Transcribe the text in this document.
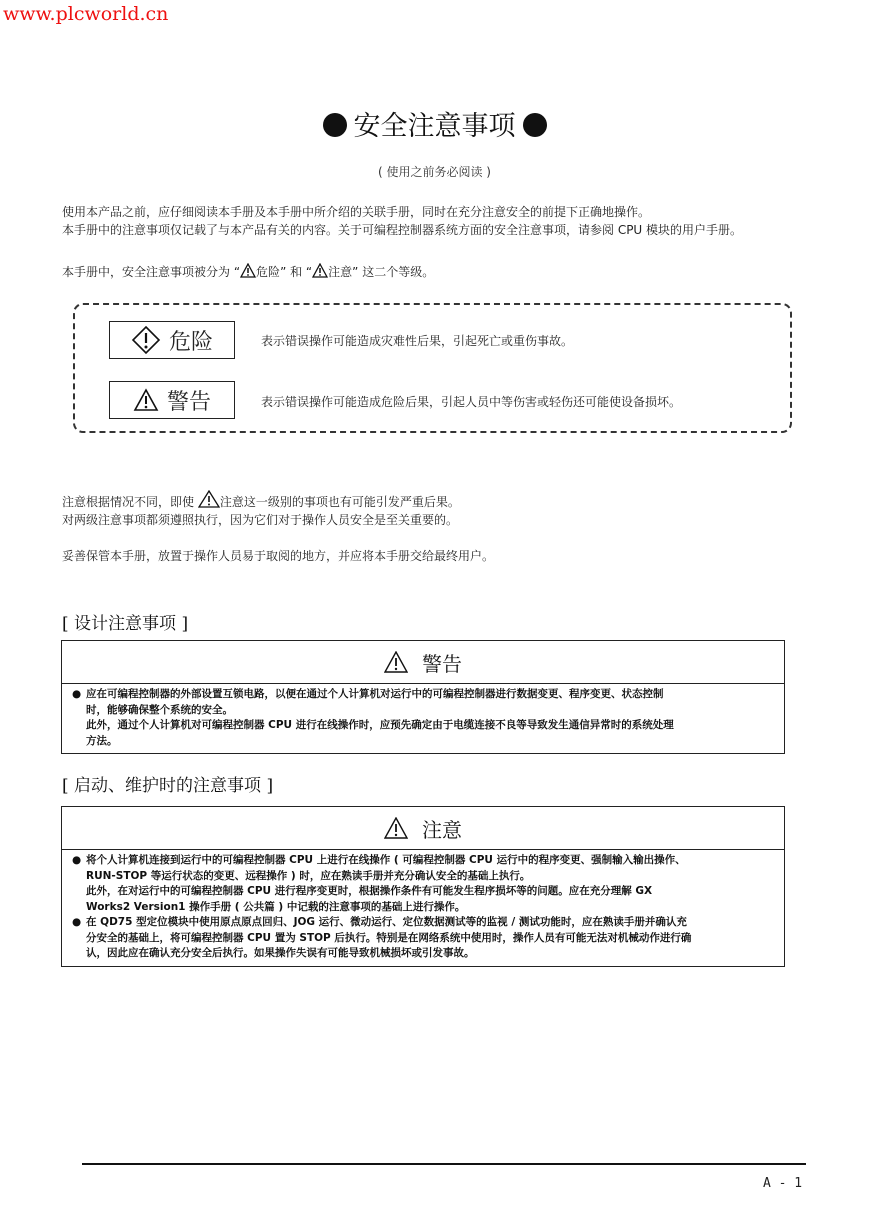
www.plcworld.cn
安全注意事项
( 使用之前务必阅读 )
使用本产品之前，应仔细阅读本手册及本手册中所介绍的关联手册，同时在充分注意安全的前提下正确地操作。
本手册中的注意事项仅记载了与本产品有关的内容。关于可编程控制器系统方面的安全注意事项，请参阅 CPU 模块的用户手册。
本手册中，安全注意事项被分为 “ 危险” 和 “ 注意” 这二个等级。
危险	表示错误操作可能造成灾难性后果，引起死亡或重伤事故。
警告	表示错误操作可能造成危险后果，引起人员中等伤害或轻伤还可能使设备损坏。
注意根据情况不同，即使 注意这一级别的事项也有可能引发严重后果。
对两级注意事项都须遵照执行，因为它们对于操作人员安全是至关重要的。
妥善保管本手册，放置于操作人员易于取阅的地方，并应将本手册交给最终用户。
[ 设计注意事项 ]
警告
● 应在可编程控制器的外部设置互锁电路，以便在通过个人计算机对运行中的可编程控制器进行数据变更、程序变更、状态控制
时，能够确保整个系统的安全。
此外，通过个人计算机对可编程控制器 CPU 进行在线操作时，应预先确定由于电缆连接不良等导致发生通信异常时的系统处理
方法。
[ 启动、维护时的注意事项 ]
注意
● 将个人计算机连接到运行中的可编程控制器 CPU 上进行在线操作 ( 可编程控制器 CPU 运行中的程序变更、强制输入输出操作、
RUN-STOP 等运行状态的变更、远程操作 ) 时，应在熟读手册并充分确认安全的基础上执行。
此外，在对运行中的可编程控制器 CPU 进行程序变更时，根据操作条件有可能发生程序损坏等的问题。应在充分理解 GX
Works2 Version1 操作手册 ( 公共篇 ) 中记载的注意事项的基础上进行操作。
● 在 QD75 型定位模块中使用原点原点回归、JOG 运行、微动运行、定位数据测试等的监视 / 测试功能时，应在熟读手册并确认充
分安全的基础上，将可编程控制器 CPU 置为 STOP 后执行。特别是在网络系统中使用时，操作人员有可能无法对机械动作进行确
认，因此应在确认充分安全后执行。如果操作失误有可能导致机械损坏或引发事故。
A - 1
